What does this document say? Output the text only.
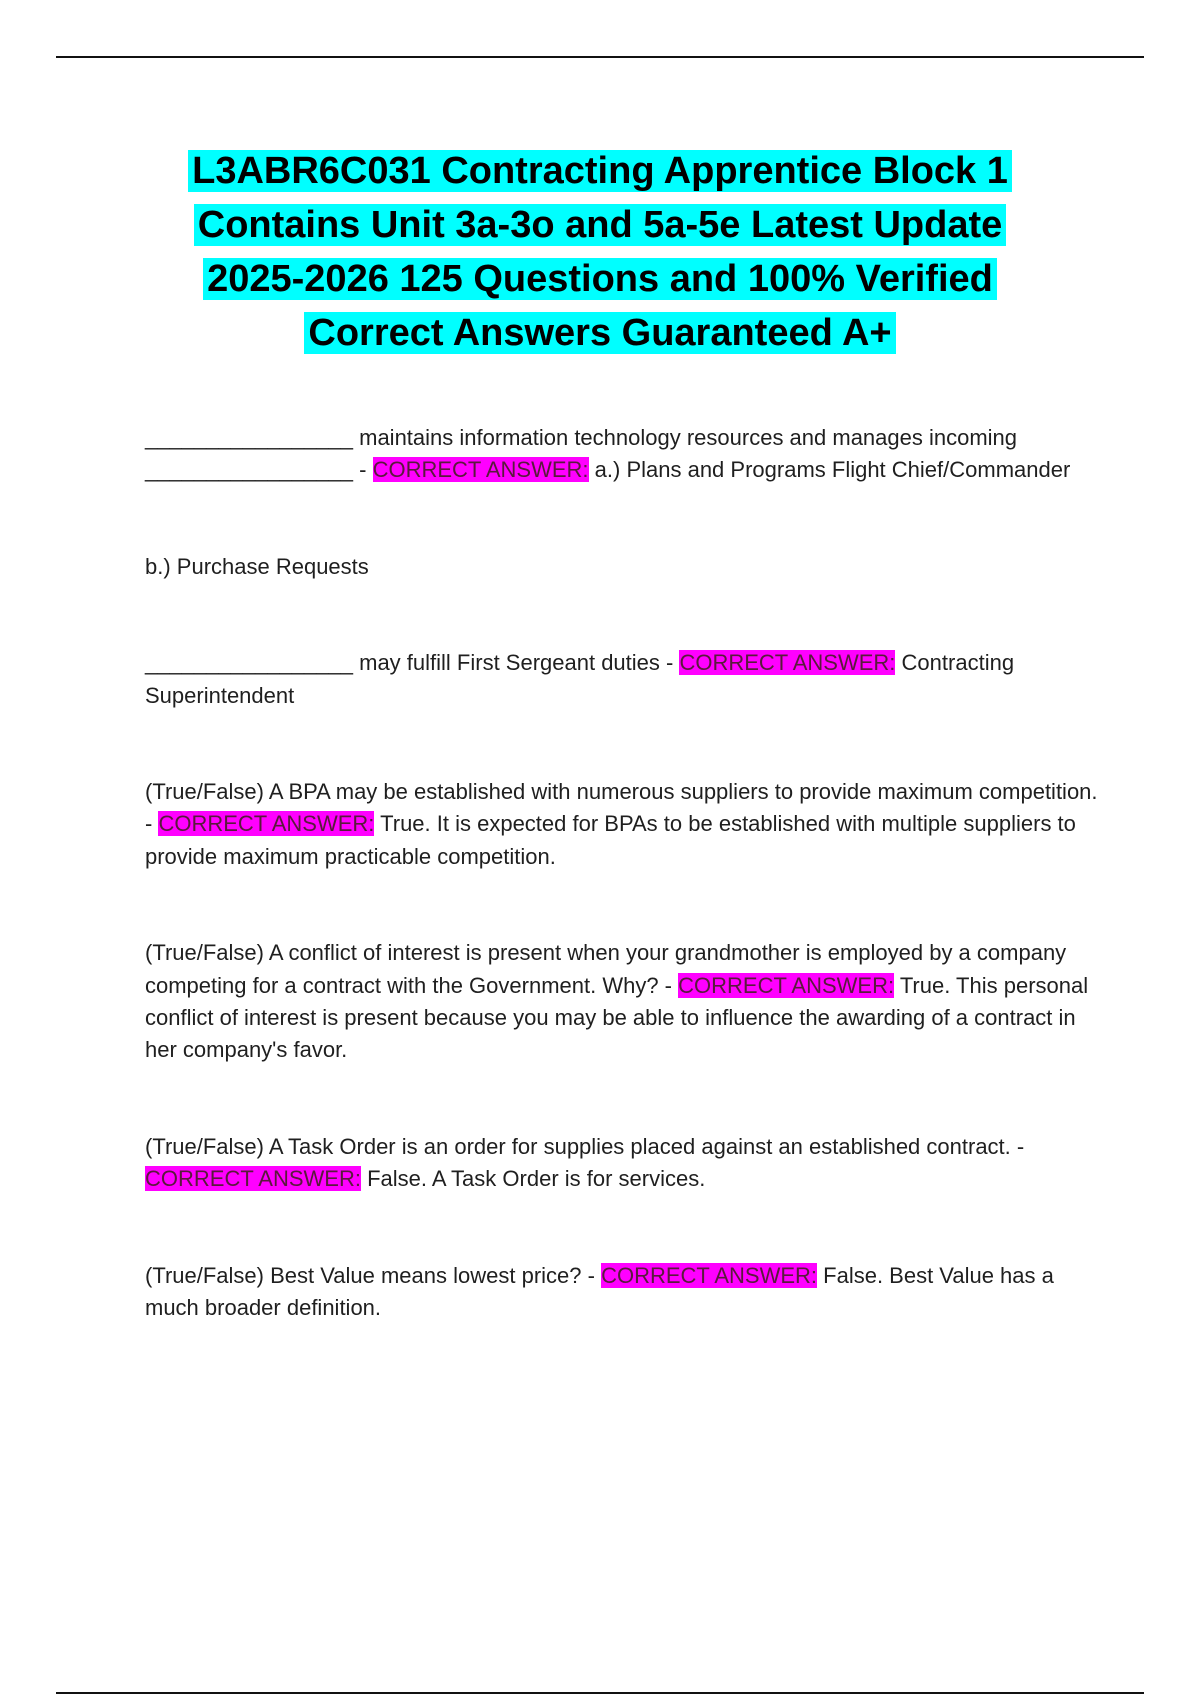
L3ABR6C031 Contracting Apprentice Block 1
Contains Unit 3a-3o and 5a-5e Latest Update
2025-2026 125 Questions and 100% Verified
Correct Answers Guaranteed A+

_________________ maintains information technology resources and manages incoming _________________ - CORRECT ANSWER: a.) Plans and Programs Flight Chief/Commander

b.) Purchase Requests

_________________ may fulfill First Sergeant duties - CORRECT ANSWER: Contracting Superintendent

(True/False) A BPA may be established with numerous suppliers to provide maximum competition. - CORRECT ANSWER: True. It is expected for BPAs to be established with multiple suppliers to provide maximum practicable competition.

(True/False) A conflict of interest is present when your grandmother is employed by a company competing for a contract with the Government. Why? - CORRECT ANSWER: True. This personal conflict of interest is present because you may be able to influence the awarding of a contract in her company's favor.

(True/False) A Task Order is an order for supplies placed against an established contract. - CORRECT ANSWER: False. A Task Order is for services.

(True/False) Best Value means lowest price? - CORRECT ANSWER: False. Best Value has a much broader definition.
